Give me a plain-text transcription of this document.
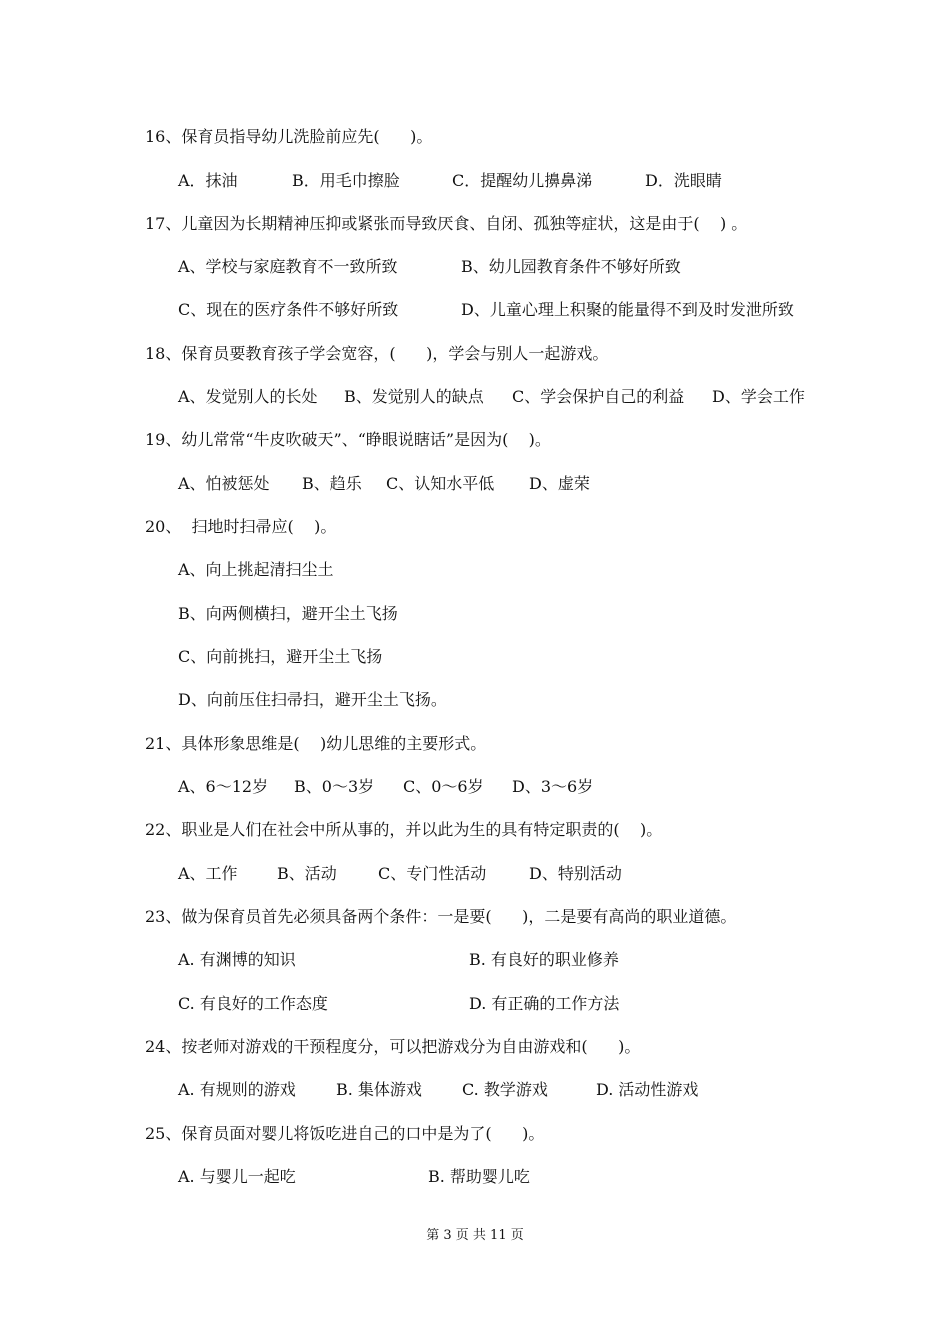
16、保育员指导幼儿洗脸前应先(      )。
A．抹油	B．用毛巾擦脸	C．提醒幼儿擤鼻涕	D．洗眼睛
17、儿童因为长期精神压抑或紧张而导致厌食、自闭、孤独等症状，这是由于(    ) 。
A、学校与家庭教育不一致所致	B、幼儿园教育条件不够好所致
C、现在的医疗条件不够好所致	D、儿童心理上积聚的能量得不到及时发泄所致
18、保育员要教育孩子学会宽容，(      )，学会与别人一起游戏。
A、发觉别人的长处 B、发觉别人的缺点 C、学会保护自己的利益 D、学会工作
19、幼儿常常“牛皮吹破天”、“睁眼说瞎话”是因为(    )。
A、怕被惩处 B、趋乐 C、认知水平低 D、虚荣
20、  扫地时扫帚应(    )。
A、向上挑起清扫尘土
B、向两侧横扫，避开尘土飞扬
C、向前挑扫，避开尘土飞扬
D、向前压住扫帚扫，避开尘土飞扬。
21、具体形象思维是(    )幼儿思维的主要形式。
A、6～12岁 B、0～3岁 C、0～6岁 D、3～6岁
22、职业是人们在社会中所从事的，并以此为生的具有特定职责的(    )。
A、工作 B、活动	C、专门性活动	D、特别活动
23、做为保育员首先必须具备两个条件：一是要(      )，二是要有高尚的职业道德。
A. 有渊博的知识	B. 有良好的职业修养
C. 有良好的工作态度	D. 有正确的工作方法
24、按老师对游戏的干预程度分，可以把游戏分为自由游戏和(      )。
A. 有规则的游戏	B. 集体游戏	C. 教学游戏	D. 活动性游戏
25、保育员面对婴儿将饭吃进自己的口中是为了(      )。
A. 与婴儿一起吃	B. 帮助婴儿吃
第 3 页 共 11 页
